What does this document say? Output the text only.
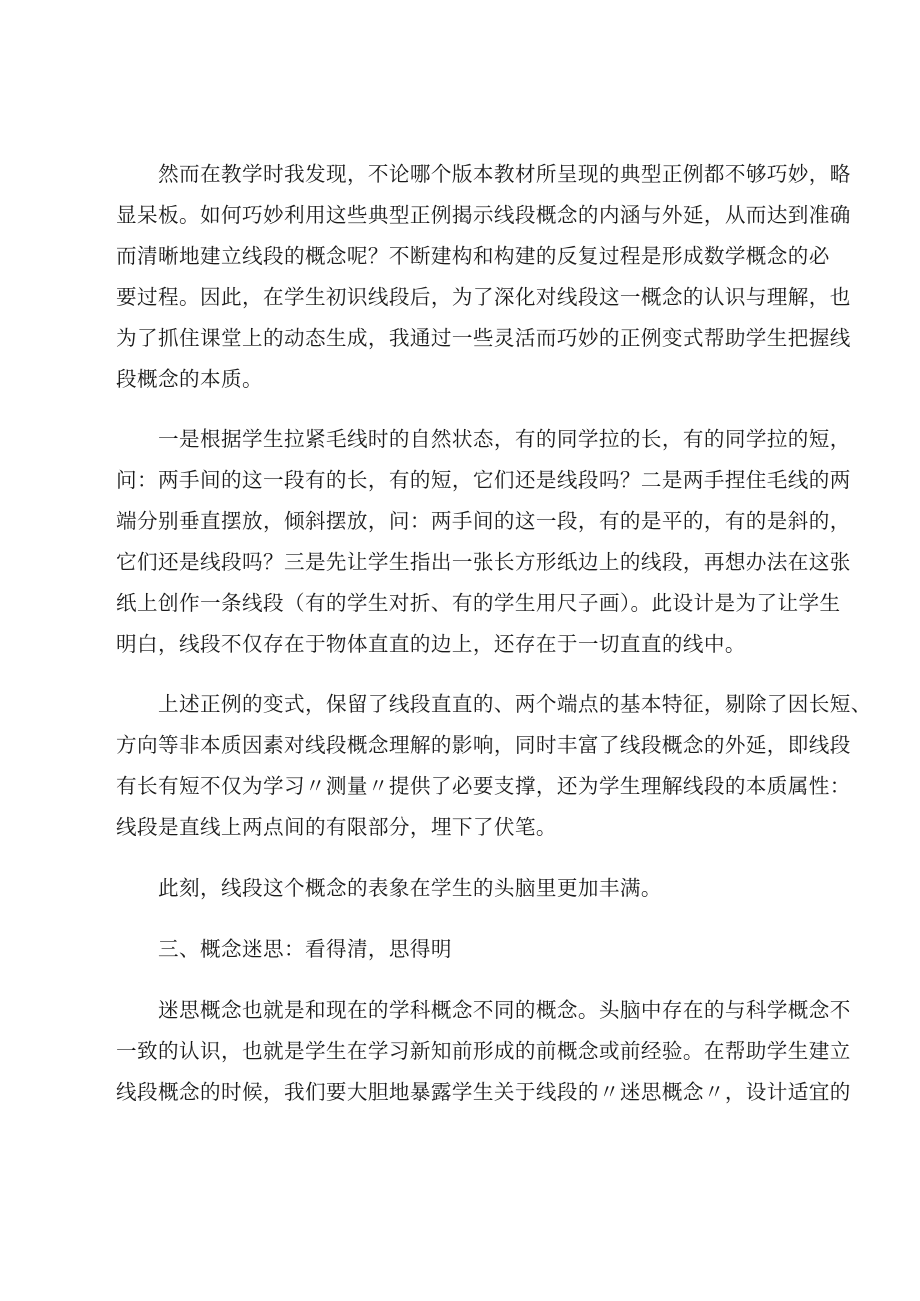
然而在教学时我发现，不论哪个版本教材所呈现的典型正例都不够巧妙，略
显呆板。如何巧妙利用这些典型正例揭示线段概念的内涵与外延，从而达到准确
而清晰地建立线段的概念呢？不断建构和构建的反复过程是形成数学概念的必
要过程。因此，在学生初识线段后，为了深化对线段这一概念的认识与理解，也
为了抓住课堂上的动态生成，我通过一些灵活而巧妙的正例变式帮助学生把握线
段概念的本质。
一是根据学生拉紧毛线时的自然状态，有的同学拉的长，有的同学拉的短，
问：两手间的这一段有的长，有的短，它们还是线段吗？二是两手捏住毛线的两
端分别垂直摆放，倾斜摆放，问：两手间的这一段，有的是平的，有的是斜的，
它们还是线段吗？三是先让学生指出一张长方形纸边上的线段，再想办法在这张
纸上创作一条线段（有的学生对折、有的学生用尺子画）。此设计是为了让学生
明白，线段不仅存在于物体直直的边上，还存在于一切直直的线中。
上述正例的变式，保留了线段直直的、两个端点的基本特征，剔除了因长短、
方向等非本质因素对线段概念理解的影响，同时丰富了线段概念的外延，即线段
有长有短不仅为学习〃测量〃提供了必要支撑，还为学生理解线段的本质属性：
线段是直线上两点间的有限部分，埋下了伏笔。
此刻，线段这个概念的表象在学生的头脑里更加丰满。
三、概念迷思：看得清，思得明
迷思概念也就是和现在的学科概念不同的概念。头脑中存在的与科学概念不
一致的认识，也就是学生在学习新知前形成的前概念或前经验。在帮助学生建立
线段概念的时候，我们要大胆地暴露学生关于线段的〃迷思概念〃，设计适宜的
